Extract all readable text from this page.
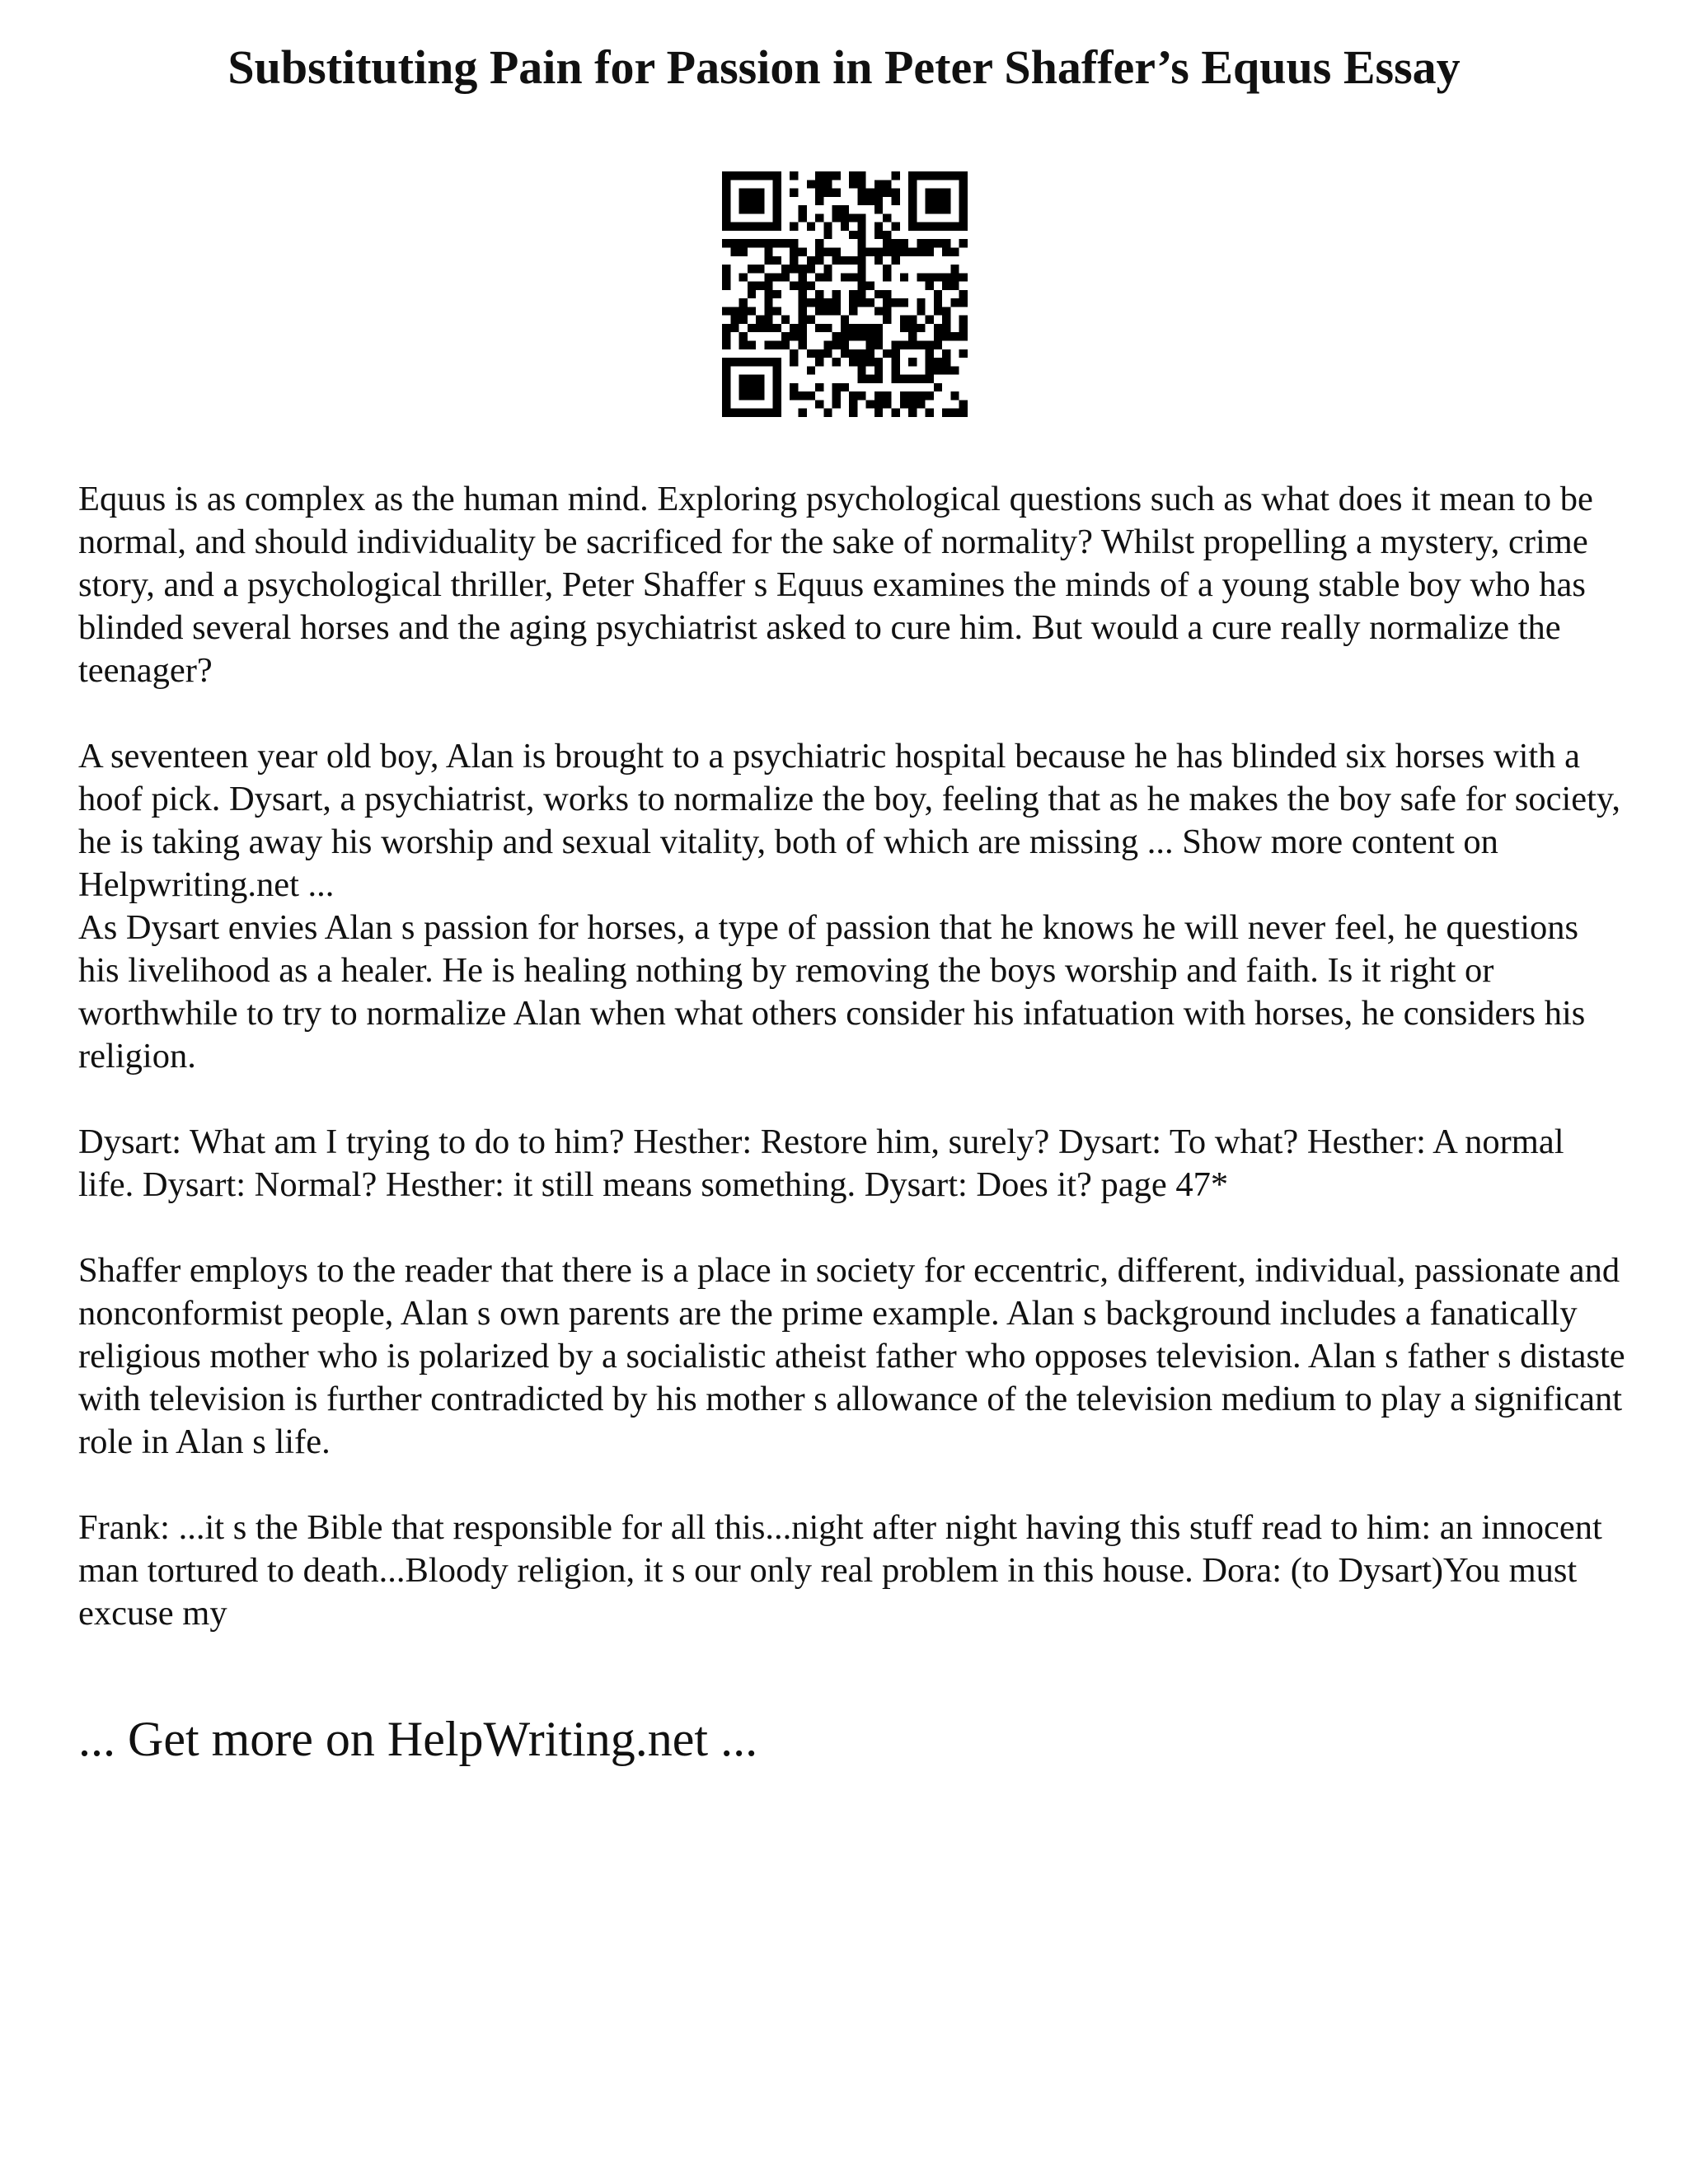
Substituting Pain for Passion in Peter Shaffer’s Equus Essay

Equus is as complex as the human mind. Exploring psychological questions such as what does it mean to be normal, and should individuality be sacrificed for the sake of normality? Whilst propelling a mystery, crime story, and a psychological thriller, Peter Shaffer s Equus examines the minds of a young stable boy who has blinded several horses and the aging psychiatrist asked to cure him. But would a cure really normalize the teenager?

A seventeen year old boy, Alan is brought to a psychiatric hospital because he has blinded six horses with a hoof pick. Dysart, a psychiatrist, works to normalize the boy, feeling that as he makes the boy safe for society, he is taking away his worship and sexual vitality, both of which are missing ... Show more content on Helpwriting.net ...

As Dysart envies Alan s passion for horses, a type of passion that he knows he will never feel, he questions his livelihood as a healer. He is healing nothing by removing the boys worship and faith. Is it right or worthwhile to try to normalize Alan when what others consider his infatuation with horses, he considers his religion.

Dysart: What am I trying to do to him? Hesther: Restore him, surely? Dysart: To what? Hesther: A normal life. Dysart: Normal? Hesther: it still means something. Dysart: Does it? page 47*

Shaffer employs to the reader that there is a place in society for eccentric, different, individual, passionate and nonconformist people, Alan s own parents are the prime example. Alan s background includes a fanatically religious mother who is polarized by a socialistic atheist father who opposes television. Alan s father s distaste with television is further contradicted by his mother s allowance of the television medium to play a significant role in Alan s life.

Frank: ...it s the Bible that responsible for all this...night after night having this stuff read to him: an innocent man tortured to death...Bloody religion, it s our only real problem in this house. Dora: (to Dysart)You must excuse my

... Get more on HelpWriting.net ...
